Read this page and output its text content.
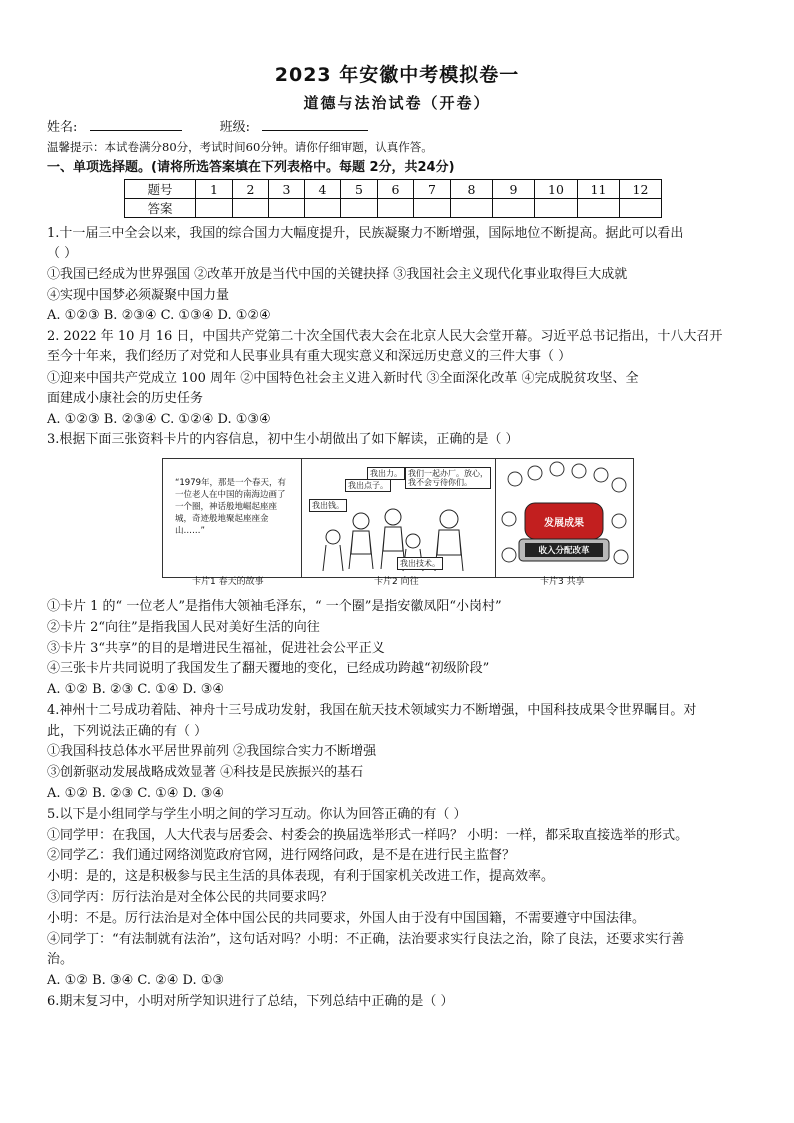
2023 年安徽中考模拟卷一
道德与法治试卷（开卷）
姓名:	班级:
温馨提示：本试卷满分80分，考试时间60分钟。请你仔细审题，认真作答。
一、单项选择题。(请将所选答案填在下列表格中。每题 2分，共24分)
题号	1	2	3	4	5	6	7	8	9	10	11	12
答案												
1.十一届三中全会以来，我国的综合国力大幅度提升，民族凝聚力不断增强，国际地位不断提高。据此可以看出
（ ）
①我国已经成为世界强国 ②改革开放是当代中国的关键抉择 ③我国社会主义现代化事业取得巨大成就
④实现中国梦必须凝聚中国力量
A. ①②③ B. ②③④ C. ①③④ D. ①②④
2. 2022 年 10 月 16 日，中国共产党第二十次全国代表大会在北京人民大会堂开幕。习近平总书记指出，十八大召开
至今十年来，我们经历了对党和人民事业具有重大现实意义和深远历史意义的三件大事（ ）
①迎来中国共产党成立 100 周年 ②中国特色社会主义进入新时代 ③全面深化改革 ④完成脱贫攻坚、全
面建成小康社会的历史任务
A. ①②③ B. ②③④ C. ①②④ D. ①③④
3.根据下面三张资料卡片的内容信息，初中生小胡做出了如下解读，正确的是（ ）
“1979年，那是一个春天，有一位老人在中国的南海边画了一个圈，神话般地崛起座座城，奇迹般地聚起座座金山……”
我出点子。
我出力。 我们一起办厂。放心，我不会亏待你们。
我出钱。
我出技术。
发展成果
收入分配改革
卡片1 春天的故事	卡片2 向往	卡片3 共享
①卡片 1 的“ 一位老人”是指伟大领袖毛泽东，“ 一个圈”是指安徽凤阳“小岗村”
②卡片 2“向往”是指我国人民对美好生活的向往
③卡片 3“共享”的目的是增进民生福祉，促进社会公平正义
④三张卡片共同说明了我国发生了翻天覆地的变化，已经成功跨越“初级阶段”
A. ①② B. ②③ C. ①④ D. ③④
4.神州十二号成功着陆、神舟十三号成功发射，我国在航天技术领域实力不断增强，中国科技成果令世界瞩目。对
此，下列说法正确的有（ ）
①我国科技总体水平居世界前列 ②我国综合实力不断增强
③创新驱动发展战略成效显著 ④科技是民族振兴的基石
A. ①② B. ②③ C. ①④ D. ③④
5.以下是小组同学与学生小明之间的学习互动。你认为回答正确的有（ ）
①同学甲：在我国，人大代表与居委会、村委会的换届选举形式一样吗？ 小明：一样，都采取直接选举的形式。
②同学乙：我们通过网络浏览政府官网，进行网络问政，是不是在进行民主监督？
小明：是的，这是积极参与民主生活的具体表现，有利于国家机关改进工作，提高效率。
③同学丙：厉行法治是对全体公民的共同要求吗？
小明：不是。厉行法治是对全体中国公民的共同要求，外国人由于没有中国国籍，不需要遵守中国法律。
④同学丁：“有法制就有法治”，这句话对吗？小明：不正确，法治要求实行良法之治，除了良法，还要求实行善
治。
A. ①② B. ③④ C. ②④ D. ①③
6.期末复习中，小明对所学知识进行了总结，下列总结中正确的是（ ）
